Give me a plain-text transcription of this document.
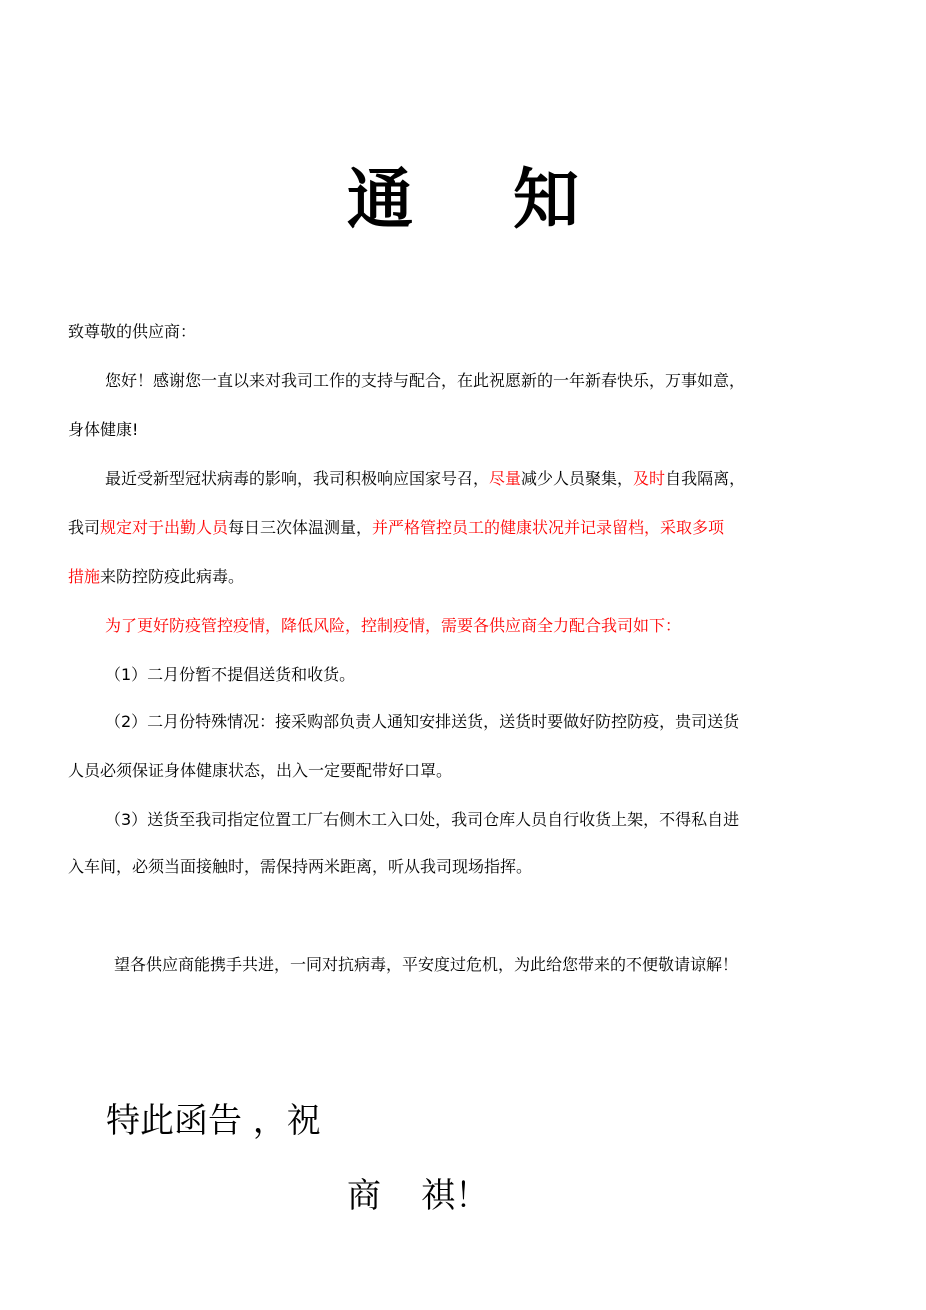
通 知
致尊敬的供应商：
您好！感谢您一直以来对我司工作的支持与配合，在此祝愿新的一年新春快乐，万事如意，
身体健康!
最近受新型冠状病毒的影响，我司积极响应国家号召，尽量减少人员聚集，及时自我隔离，
我司规定对于出勤人员每日三次体温测量，并严格管控员工的健康状况并记录留档，采取多项
措施来防控防疫此病毒。
为了更好防疫管控疫情，降低风险，控制疫情，需要各供应商全力配合我司如下：
（1）二月份暂不提倡送货和收货。
（2）二月份特殊情况：接采购部负责人通知安排送货，送货时要做好防控防疫，贵司送货
人员必须保证身体健康状态，出入一定要配带好口罩。
（3）送货至我司指定位置工厂右侧木工入口处，我司仓库人员自行收货上架，不得私自进
入车间，必须当面接触时，需保持两米距离，听从我司现场指挥。
望各供应商能携手共进，一同对抗病毒，平安度过危机，为此给您带来的不便敬请谅解！
特此函告 ，祝
商 祺！
